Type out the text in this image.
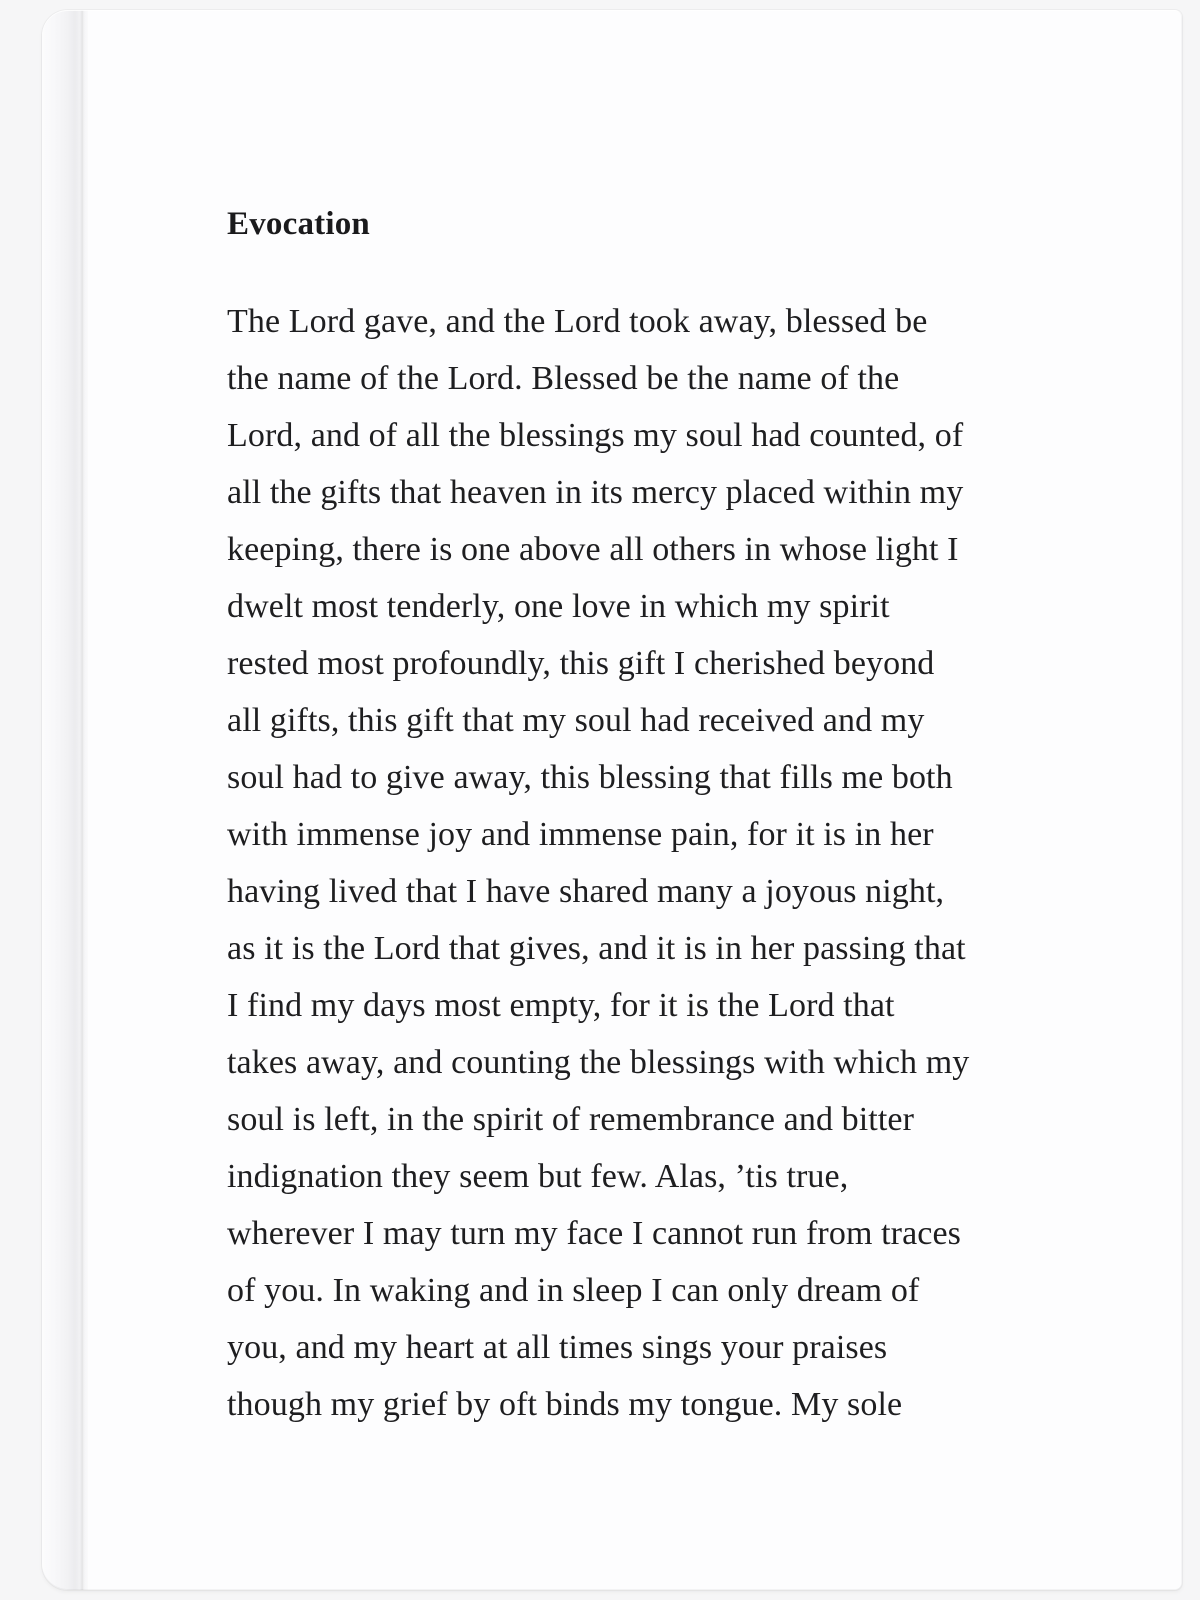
Evocation
The Lord gave, and the Lord took away, blessed be
the name of the Lord. Blessed be the name of the
Lord, and of all the blessings my soul had counted, of
all the gifts that heaven in its mercy placed within my
keeping, there is one above all others in whose light I
dwelt most tenderly, one love in which my spirit
rested most profoundly, this gift I cherished beyond
all gifts, this gift that my soul had received and my
soul had to give away, this blessing that fills me both
with immense joy and immense pain, for it is in her
having lived that I have shared many a joyous night,
as it is the Lord that gives, and it is in her passing that
I find my days most empty, for it is the Lord that
takes away, and counting the blessings with which my
soul is left, in the spirit of remembrance and bitter
indignation they seem but few. Alas, ’tis true,
wherever I may turn my face I cannot run from traces
of you. In waking and in sleep I can only dream of
you, and my heart at all times sings your praises
though my grief by oft binds my tongue. My sole
